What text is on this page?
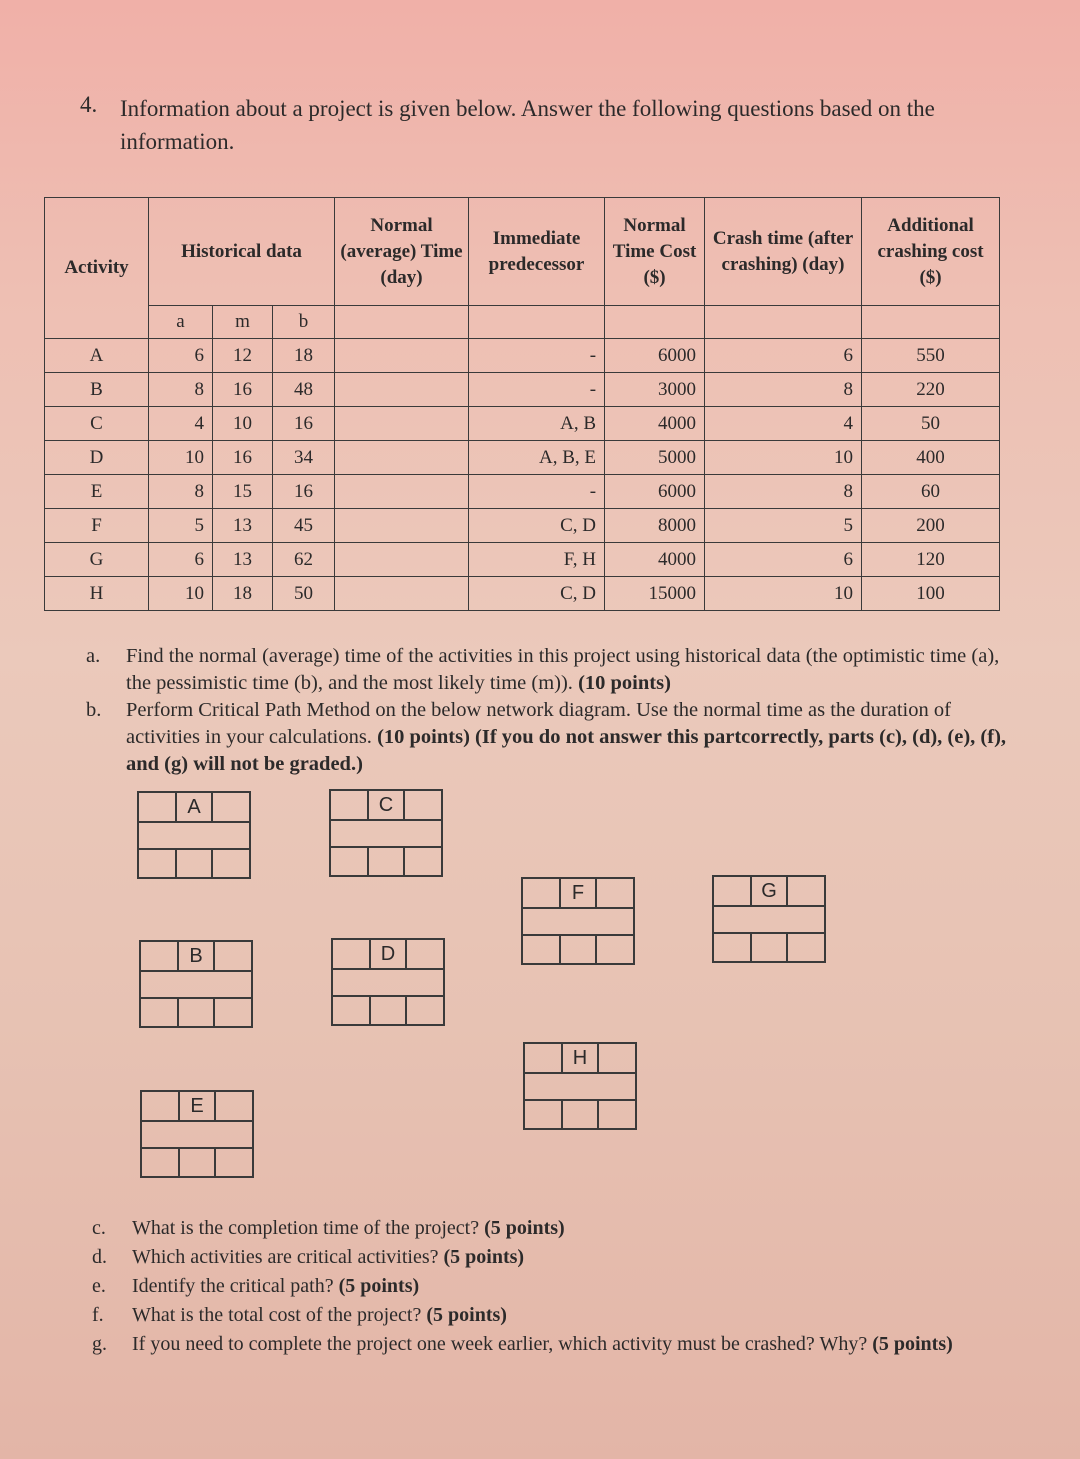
4. Information about a project is given below. Answer the following questions based on the information.
Activity	Historical data			Normal (average) Time (day)	Immediate predecessor	Normal Time Cost ($)	Crash time (after crashing) (day)	Additional crashing cost ($)
	a	m	b					
A	6	12	18		-	6000	6	550
B	8	16	48		-	3000	8	220
C	4	10	16		A, B	4000	4	50
D	10	16	34		A, B, E	5000	10	400
E	8	15	16		-	6000	8	60
F	5	13	45		C, D	8000	5	200
G	6	13	62		F, H	4000	6	120
H	10	18	50		C, D	15000	10	100
a.	Find the normal (average) time of the activities in this project using historical data (the optimistic time (a), the pessimistic time (b), and the most likely time (m)). (10 points)
b.	Perform Critical Path Method on the below network diagram. Use the normal time as the duration of activities in your calculations. (10 points) (If you do not answer this partcorrectly, parts (c), (d), (e), (f), and (g) will not be graded.)
A	C
F	G
B	D
H
E
c.	What is the completion time of the project? (5 points)
d.	Which activities are critical activities? (5 points)
e.	Identify the critical path? (5 points)
f.	What is the total cost of the project? (5 points)
g.	If you need to complete the project one week earlier, which activity must be crashed? Why? (5 points)
